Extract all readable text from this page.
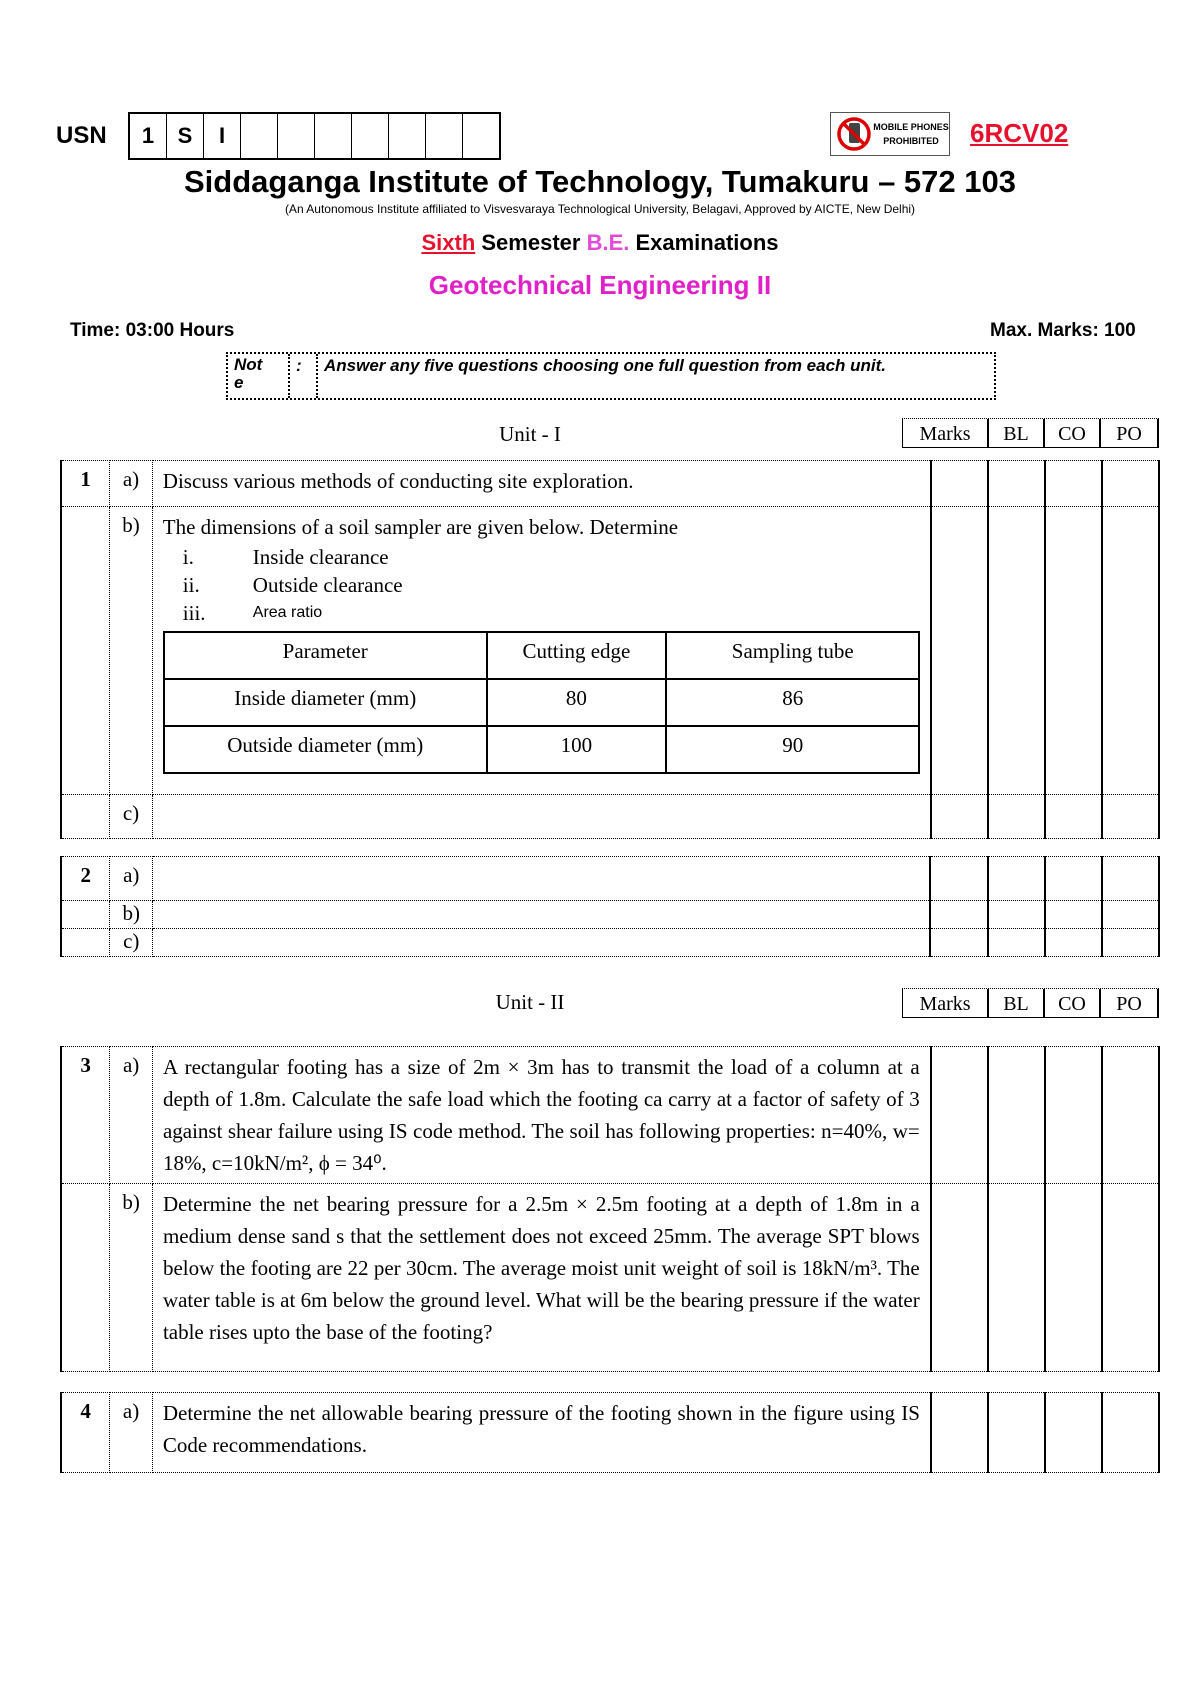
USN	1	S	I	MOBILE PHONES
PROHIBITED	6RCV02
Siddaganga Institute of Technology, Tumakuru – 572 103
(An Autonomous Institute affiliated to Visvesvaraya Technological University, Belagavi, Approved by AICTE, New Delhi)
Sixth Semester B.E. Examinations
Geotechnical Engineering II
Time: 03:00 Hours	Max. Marks: 100
Not
e
:	Answer any five questions choosing one full question from each unit.
Unit - I	Marks	BL	CO	PO
1	a)	Discuss various methods of conducting site exploration.				
	b)	The dimensions of a soil sampler are given below. Determine
i.	Inside clearance
ii.	Outside clearance
iii.	Area ratio
Parameter	Cutting edge	Sampling tube
Inside diameter (mm)	80	86
Outside diameter (mm)	100	90

	c)					
2	a)					
	b)					
	c)					
Unit - II	Marks	BL	CO	PO
3	a)	A rectangular footing has a size of 2m × 3m has to transmit the load of a column at a depth of 1.8m. Calculate the safe load which the footing ca carry at a factor of safety of 3 against shear failure using IS code method. The soil has following properties: n=40%, w= 18%, c=10kN/m², ϕ = 34⁰.				
	b)	Determine the net bearing pressure for a 2.5m × 2.5m footing at a depth of 1.8m in a medium dense sand s that the settlement does not exceed 25mm. The average SPT blows below the footing are 22 per 30cm. The average moist unit weight of soil is 18kN/m³. The water table is at 6m below the ground level. What will be the bearing pressure if the water table rises upto the base of the footing?				
4	a)	Determine the net allowable bearing pressure of the footing shown in the figure using IS Code recommendations.				
